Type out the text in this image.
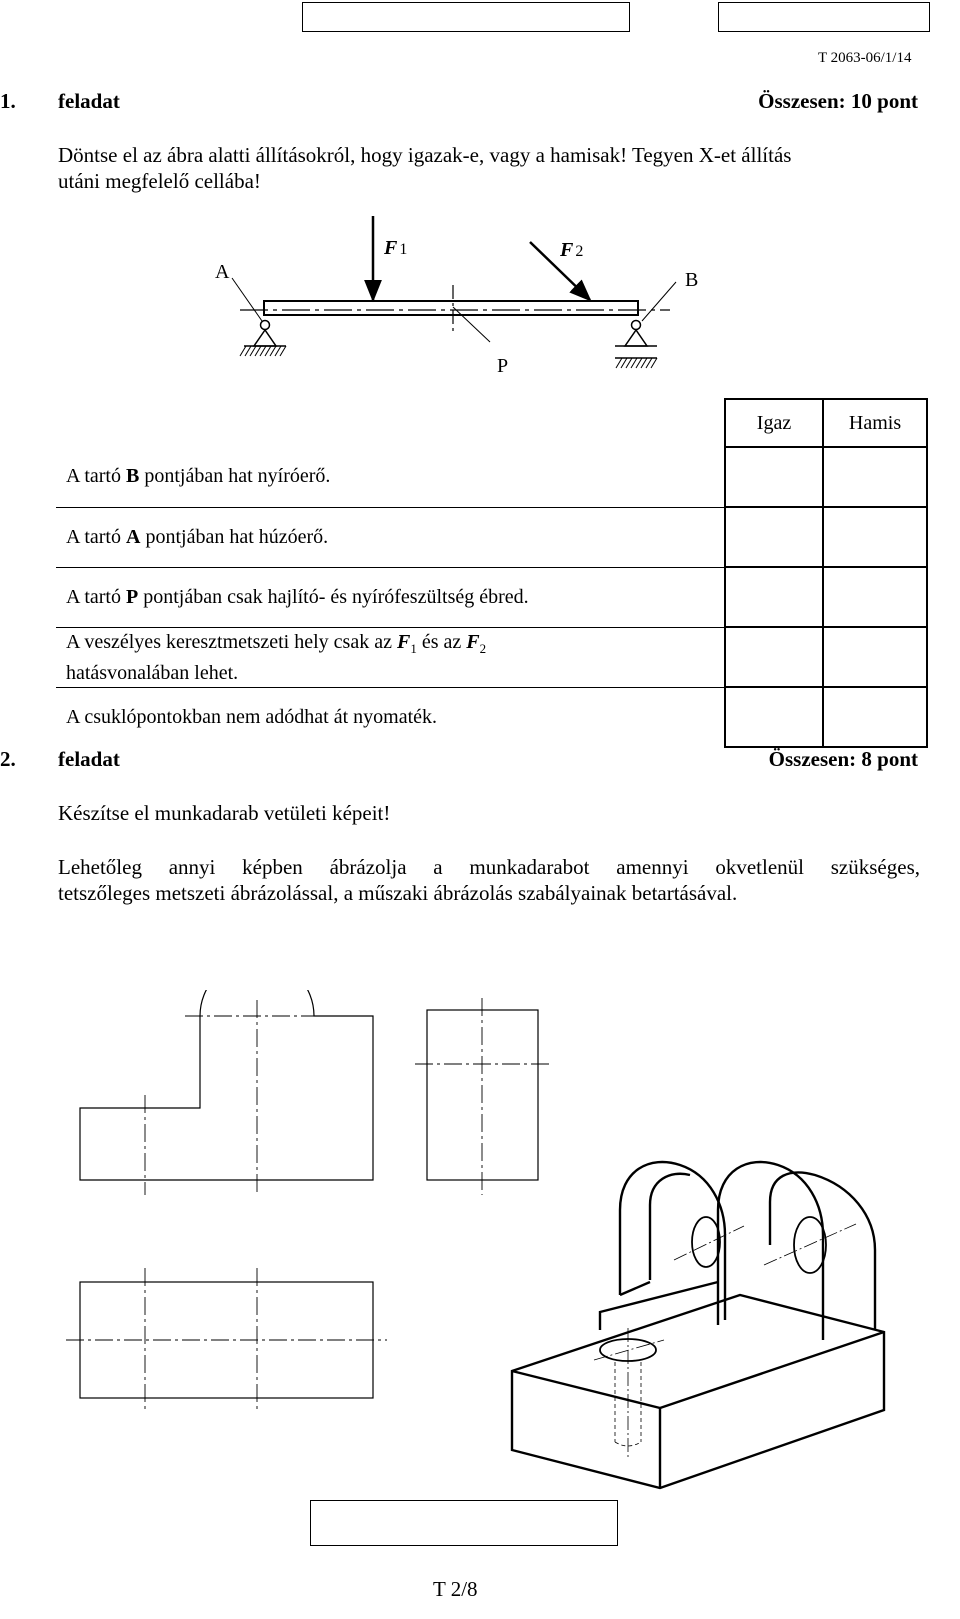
T 2063-06/1/14
1. feladat	Összesen: 10 pont
Döntse el az ábra alatti állításokról, hogy igazak-e, vagy a hamisak! Tegyen X-et állítás
utáni megfelelő cellába!
A
F 1	F 2
B
P
	Igaz	Hamis
A tartó B pontjában hat nyíróerő.		
A tartó A pontjában hat húzóerő.		
A tartó P pontjában csak hajlító- és nyírófeszültség ébred.		

A veszélyes keresztmetszeti hely csak az $F_1$ és az $F_2$
hatásvonalában lehet.		

A csuklópontokban nem adódhat át nyomaték.		
2. feladat	Összesen: 8 pont
Készítse el munkadarab vetületi képeit!
Lehetőleg annyi képben ábrázolja a munkadarabot amennyi okvetlenül szükséges,
tetszőleges metszeti ábrázolással, a műszaki ábrázolás szabályainak betartásával.
T 2/8
